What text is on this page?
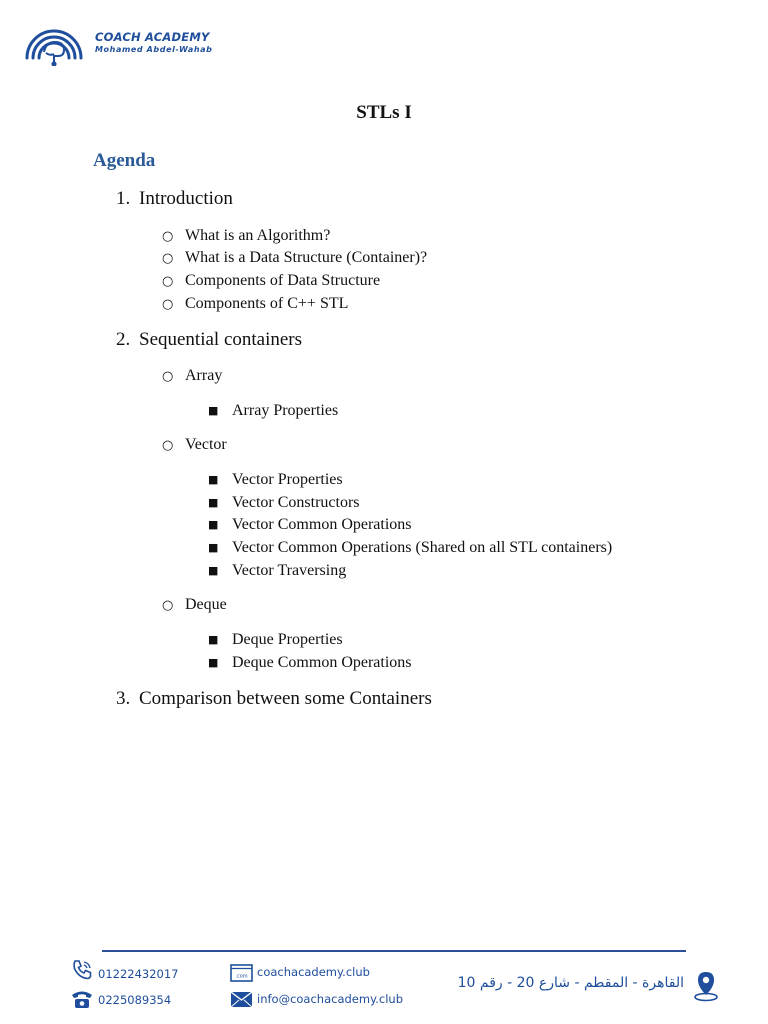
COACH ACADEMY
Mohamed Abdel-Wahab
STLs I
Agenda
1. Introduction
○ What is an Algorithm?
○ What is a Data Structure (Container)?
○ Components of Data Structure
○ Components of C++ STL
2. Sequential containers
○ Array
■ Array Properties
○ Vector
■ Vector Properties
■ Vector Constructors
■ Vector Common Operations
■ Vector Common Operations (Shared on all STL containers)
■ Vector Traversing
○ Deque
■ Deque Properties
■ Deque Common Operations
3. Comparison between some Containers
01222432017
0225089354
.com coachacademy.club
info@coachacademy.club
القاهرة - المقطم - شارع 20 - رقم 10
